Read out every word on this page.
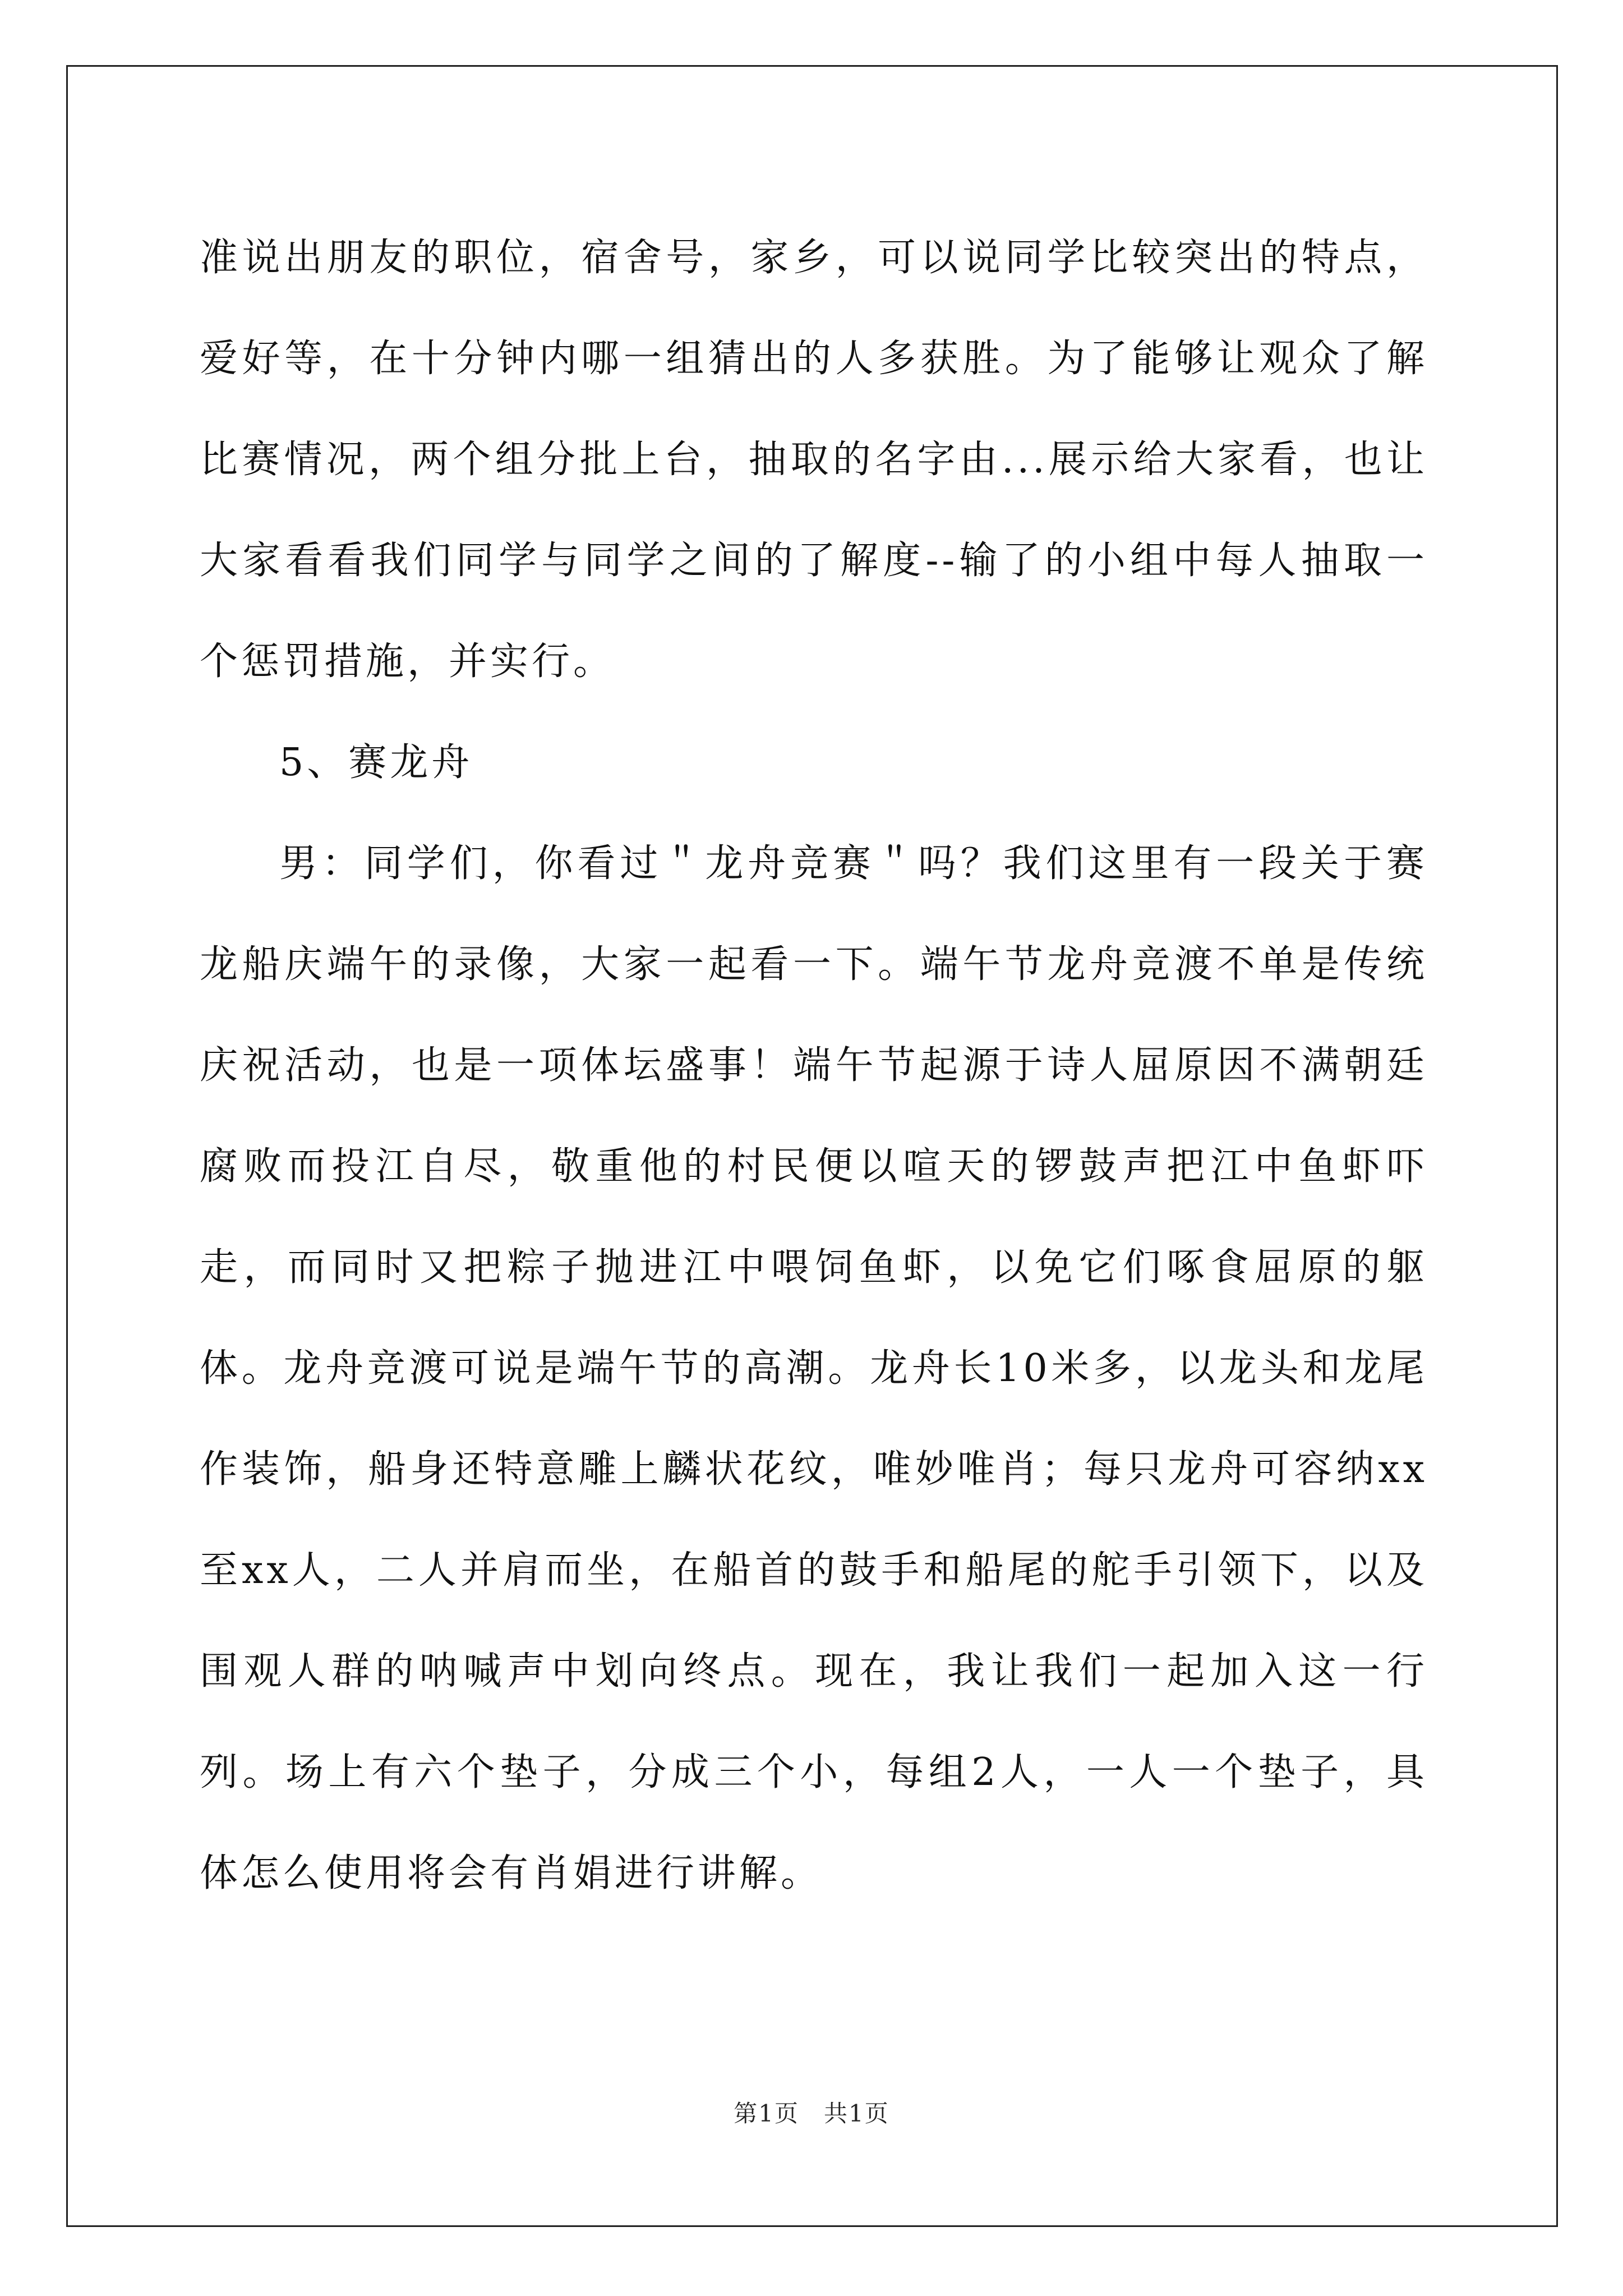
准说出朋友的职位，宿舍号，家乡，可以说同学比较突出的特点，爱好等，在十分钟内哪一组猜出的人多获胜。为了能够让观众了解比赛情况，两个组分批上台，抽取的名字由...展示给大家看，也让大家看看我们同学与同学之间的了解度--输了的小组中每人抽取一个惩罚措施，并实行。

5、赛龙舟

男：同学们，你看过＂龙舟竞赛＂吗？我们这里有一段关于赛龙船庆端午的录像，大家一起看一下。端午节龙舟竞渡不单是传统庆祝活动，也是一项体坛盛事！端午节起源于诗人屈原因不满朝廷腐败而投江自尽，敬重他的村民便以喧天的锣鼓声把江中鱼虾吓走，而同时又把粽子抛进江中喂饲鱼虾，以免它们啄食屈原的躯体。龙舟竞渡可说是端午节的高潮。龙舟长10米多，以龙头和龙尾作装饰，船身还特意雕上麟状花纹，唯妙唯肖；每只龙舟可容纳xx至xx人，二人并肩而坐，在船首的鼓手和船尾的舵手引领下，以及围观人群的呐喊声中划向终点。现在，我让我们一起加入这一行列。场上有六个垫子，分成三个小，每组2人，一人一个垫子，具体怎么使用将会有肖娟进行讲解。

第1页　共1页
